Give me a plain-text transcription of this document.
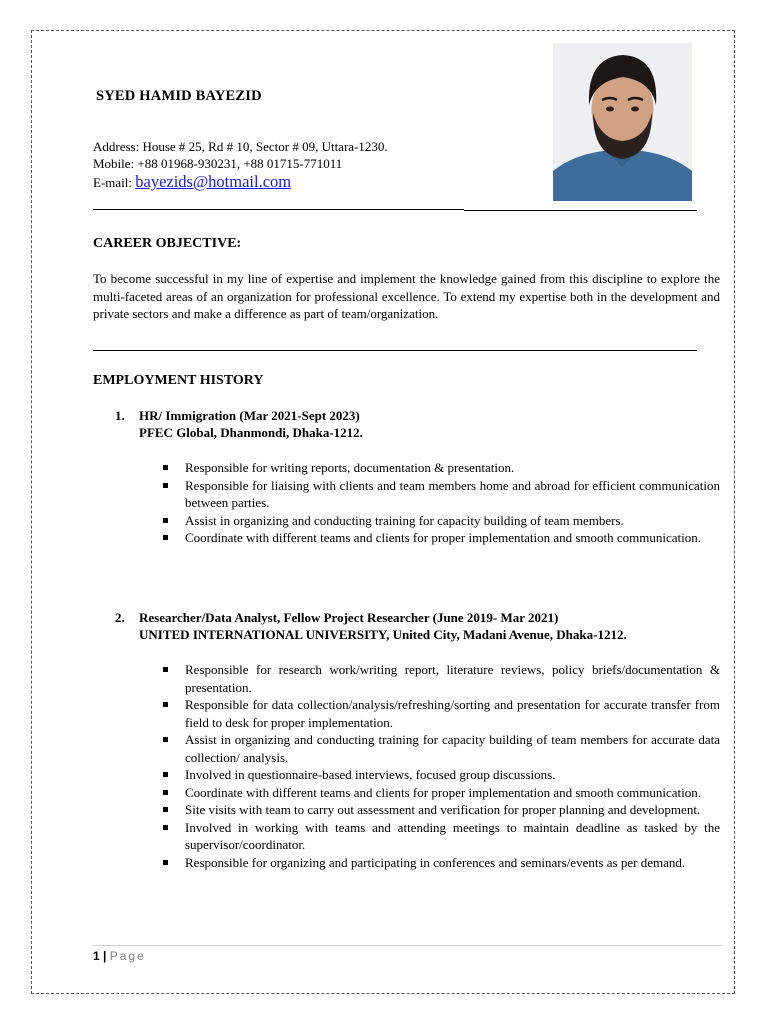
SYED HAMID BAYEZID
Address: House # 25, Rd # 10, Sector # 09, Uttara-1230.
Mobile: +88 01968-930231, +88 01715-771011
E-mail: bayezids@hotmail.com
CAREER OBJECTIVE:
To become successful in my line of expertise and implement the knowledge gained from this discipline to explore the multi-faceted areas of an organization for professional excellence. To extend my expertise both in the development and private sectors and make a difference as part of team/organization.
EMPLOYMENT HISTORY
1. HR/ Immigration (Mar 2021-Sept 2023)
PFEC Global, Dhanmondi, Dhaka-1212.
Responsible for writing reports, documentation & presentation.
Responsible for liaising with clients and team members home and abroad for efficient communication between parties.
Assist in organizing and conducting training for capacity building of team members.
Coordinate with different teams and clients for proper implementation and smooth communication.
2. Researcher/Data Analyst, Fellow Project Researcher (June 2019- Mar 2021)
UNITED INTERNATIONAL UNIVERSITY, United City, Madani Avenue, Dhaka-1212.
Responsible for research work/writing report, literature reviews, policy briefs/documentation & presentation.
Responsible for data collection/analysis/refreshing/sorting and presentation for accurate transfer from field to desk for proper implementation.
Assist in organizing and conducting training for capacity building of team members for accurate data collection/ analysis.
Involved in questionnaire-based interviews, focused group discussions.
Coordinate with different teams and clients for proper implementation and smooth communication.
Site visits with team to carry out assessment and verification for proper planning and development.
Involved in working with teams and attending meetings to maintain deadline as tasked by the supervisor/coordinator.
Responsible for organizing and participating in conferences and seminars/events as per demand.
1 | Page
